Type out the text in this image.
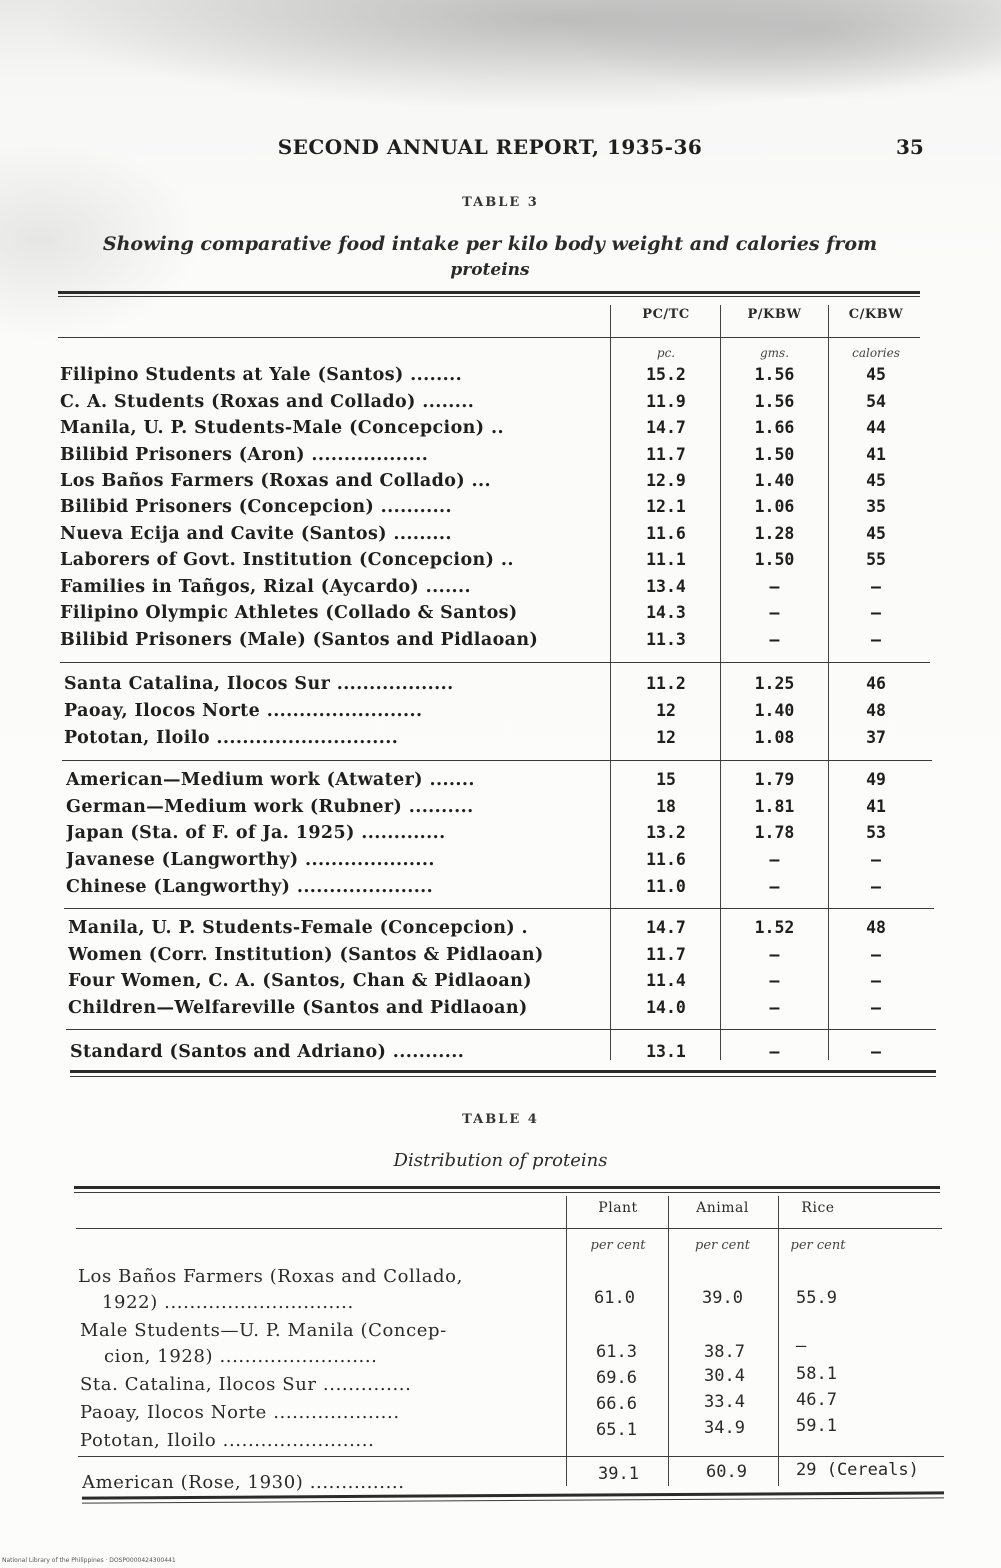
SECOND ANNUAL REPORT, 1935-36	35
TABLE 3
Showing comparative food intake per kilo body weight and calories from
proteins
PC/TC	P/KBW	C/KBW
pc.	gms.	calories
Filipino Students at Yale (Santos) ........	15.2	1.56	45
C. A. Students (Roxas and Collado) ........	11.9	1.56	54
Manila, U. P. Students-Male (Concepcion) ..	14.7	1.66	44
Bilibid Prisoners (Aron) ..................	11.7	1.50	41
Los Baños Farmers (Roxas and Collado) ...	12.9	1.40	45
Bilibid Prisoners (Concepcion) ...........	12.1	1.06	35
Nueva Ecija and Cavite (Santos) .........	11.6	1.28	45
Laborers of Govt. Institution (Concepcion) ..	11.1	1.50	55
Families in Tañgos, Rizal (Aycardo) .......	13.4	—	—
Filipino Olympic Athletes (Collado & Santos)	14.3	—	—
Bilibid Prisoners (Male) (Santos and Pidlaoan)	11.3	—	—
Santa Catalina, Ilocos Sur ..................	11.2	1.25	46
Paoay, Ilocos Norte ........................	12	1.40	48
Pototan, Iloilo ............................	12	1.08	37
American—Medium work (Atwater) .......	15	1.79	49
German—Medium work (Rubner) ..........	18	1.81	41
Japan (Sta. of F. of Ja. 1925) .............	13.2	1.78	53
Javanese (Langworthy) ....................	11.6	—	—
Chinese (Langworthy) .....................	11.0	—	—
Manila, U. P. Students-Female (Concepcion) .	14.7	1.52	48
Women (Corr. Institution) (Santos & Pidlaoan)	11.7	—	—
Four Women, C. A. (Santos, Chan & Pidlaoan)	11.4	—	—
Children—Welfareville (Santos and Pidlaoan)	14.0	—	—
Standard (Santos and Adriano) ...........	13.1	—	—
TABLE 4
Distribution of proteins
Plant	Animal	Rice
per cent	per cent	per cent
Los Baños Farmers (Roxas and Collado,
1922) ..............................	61.0	39.0	55.9
Male Students—U. P. Manila (Concep-
cion, 1928) .........................	61.3	38.7	—
Sta. Catalina, Ilocos Sur ..............	69.6	30.4	58.1
Paoay, Ilocos Norte ....................	66.6	33.4	46.7
Pototan, Iloilo ........................	65.1	34.9	59.1
American (Rose, 1930) ...............	39.1	60.9	29 (Cereals)
National Library of the Philippines · DOSP0000424300441
